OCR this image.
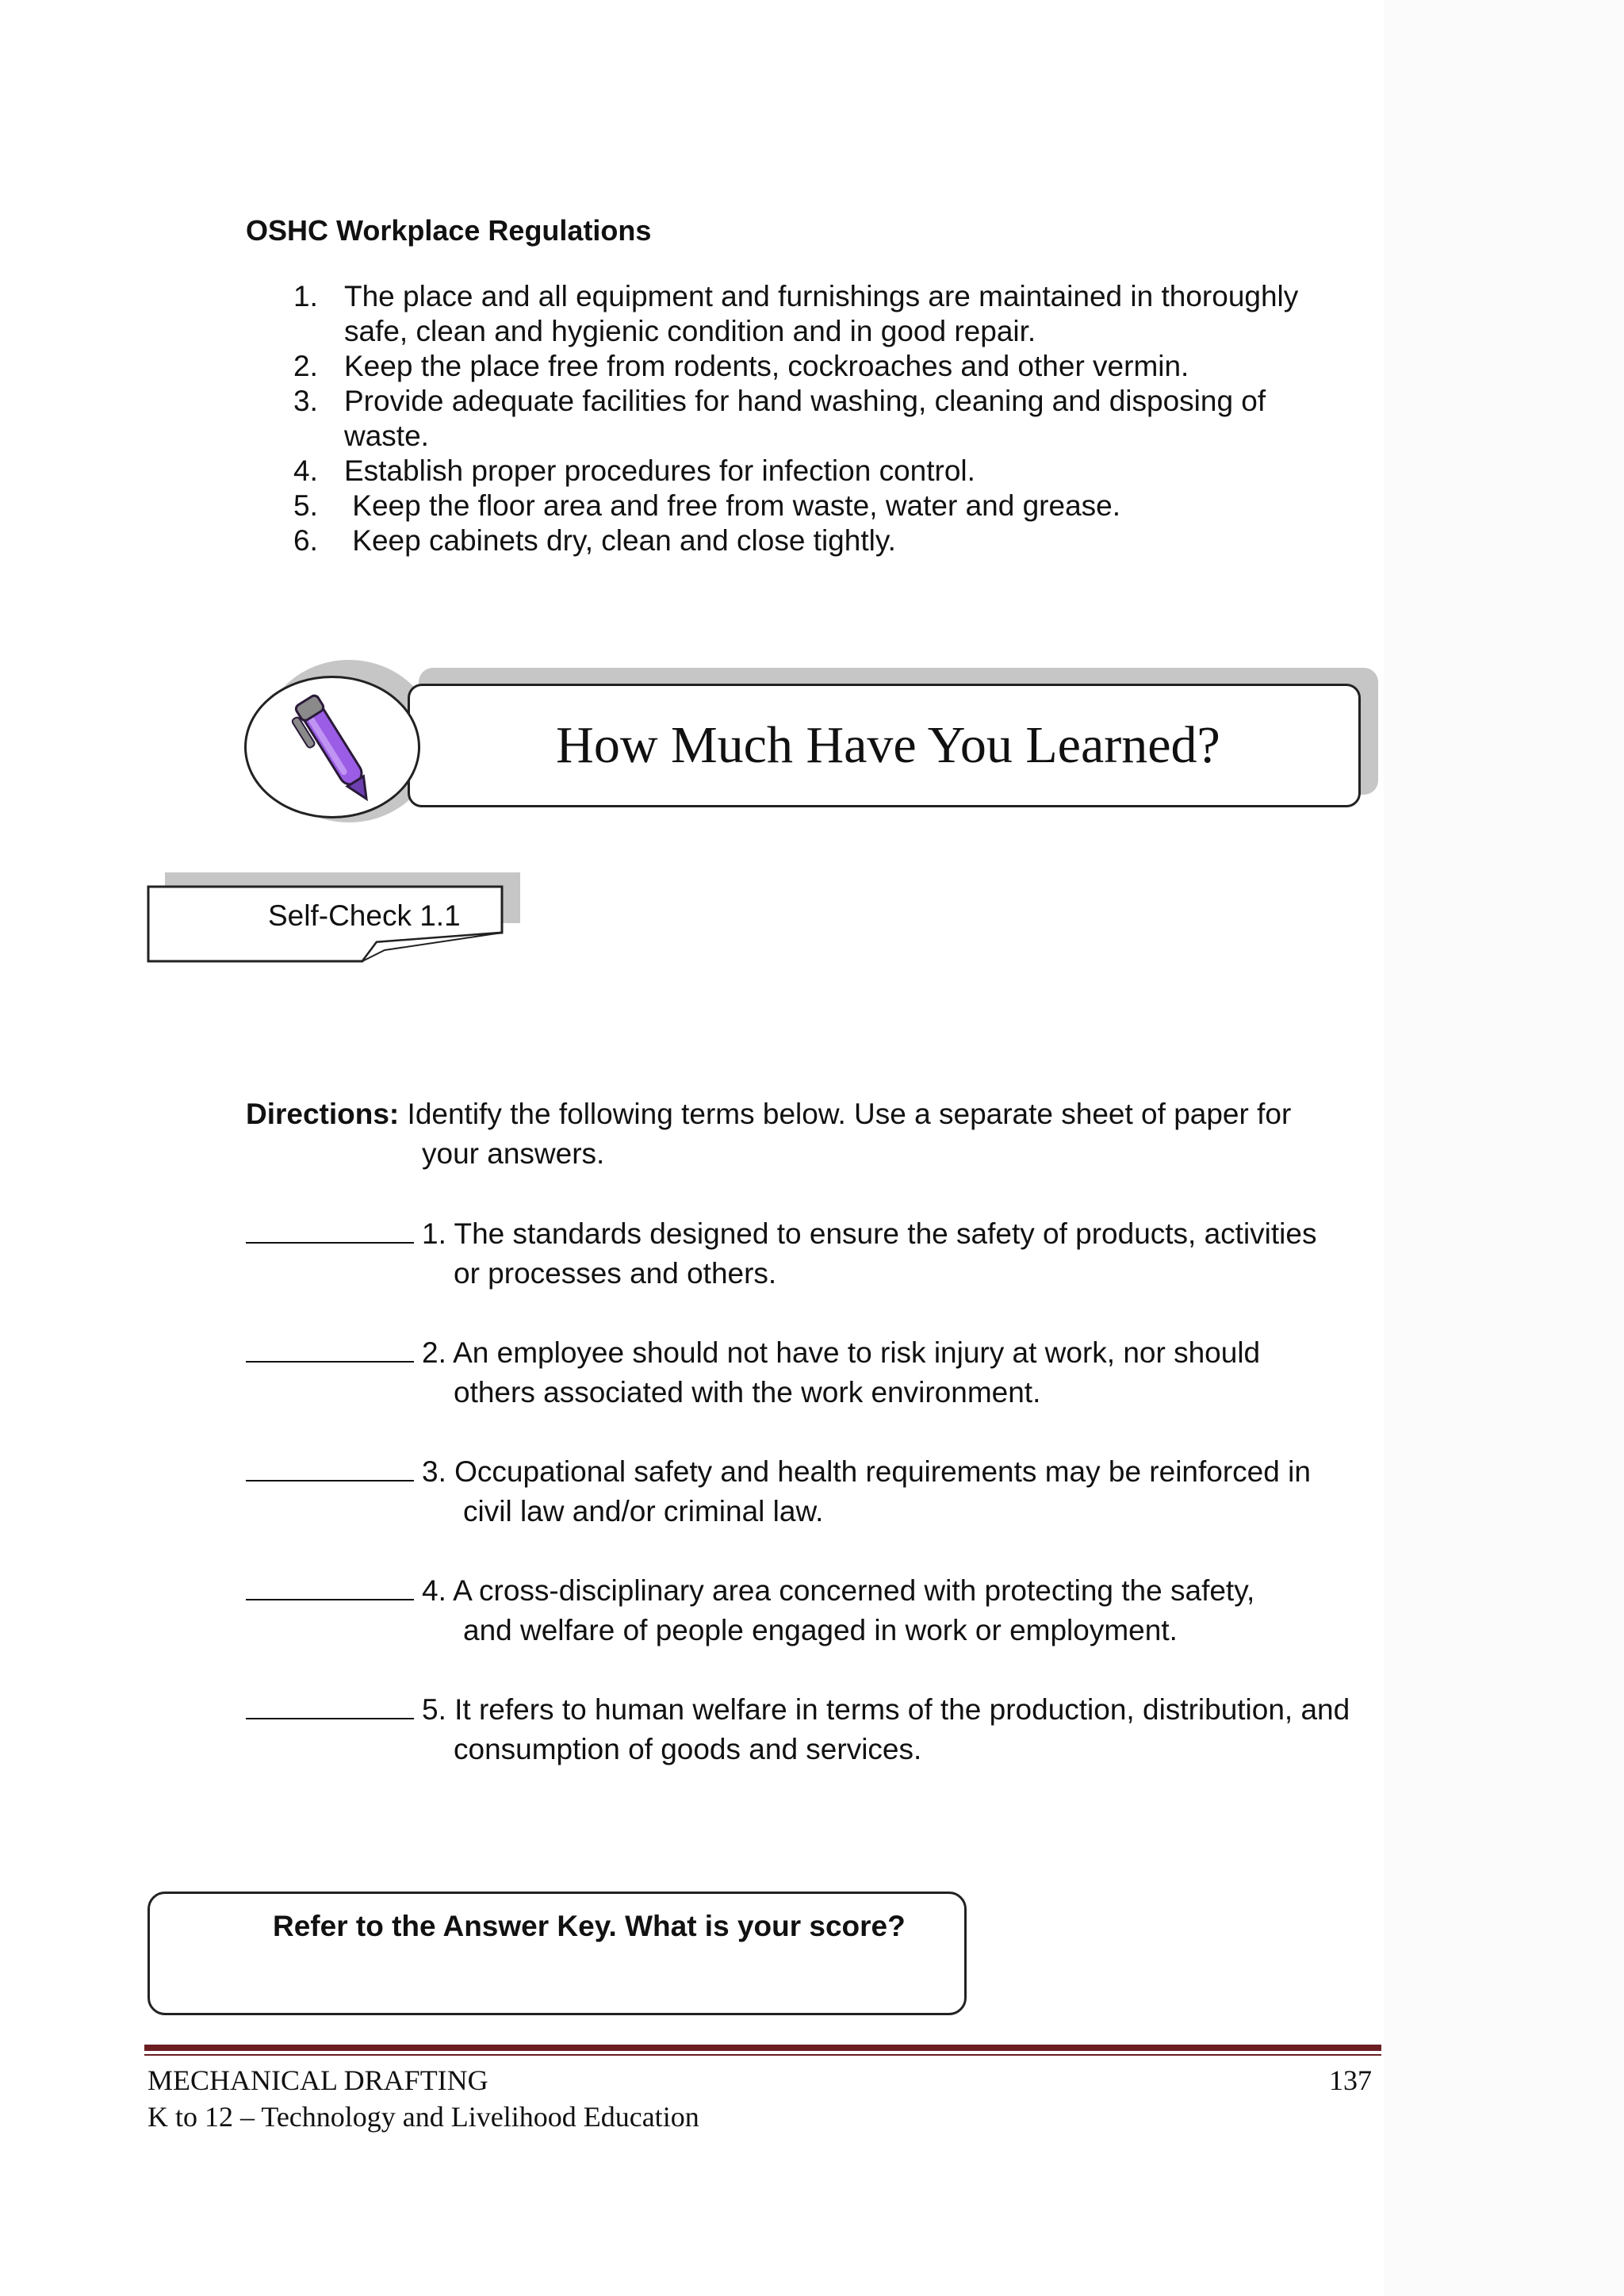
OSHC Workplace Regulations
1. The place and all equipment and furnishings are maintained in thoroughly
safe, clean and hygienic condition and in good repair.
2. Keep the place free from rodents, cockroaches and other vermin.
3. Provide adequate facilities for hand washing, cleaning and disposing of
waste.
4. Establish proper procedures for infection control.
5. Keep the floor area and free from waste, water and grease.
6. Keep cabinets dry, clean and close tightly.
How Much Have You Learned?
Self-Check 1.1
Directions: Identify the following terms below. Use a separate sheet of paper for
your answers.
1. The standards designed to ensure the safety of products, activities
or processes and others.
2. An employee should not have to risk injury at work, nor should
others associated with the work environment.
3. Occupational safety and health requirements may be reinforced in
civil law and/or criminal law.
4. A cross-disciplinary area concerned with protecting the safety,
and welfare of people engaged in work or employment.
5. It refers to human welfare in terms of the production, distribution, and
consumption of goods and services.
Refer to the Answer Key. What is your score?
MECHANICAL DRAFTING
K to 12 – Technology and Livelihood Education
137
